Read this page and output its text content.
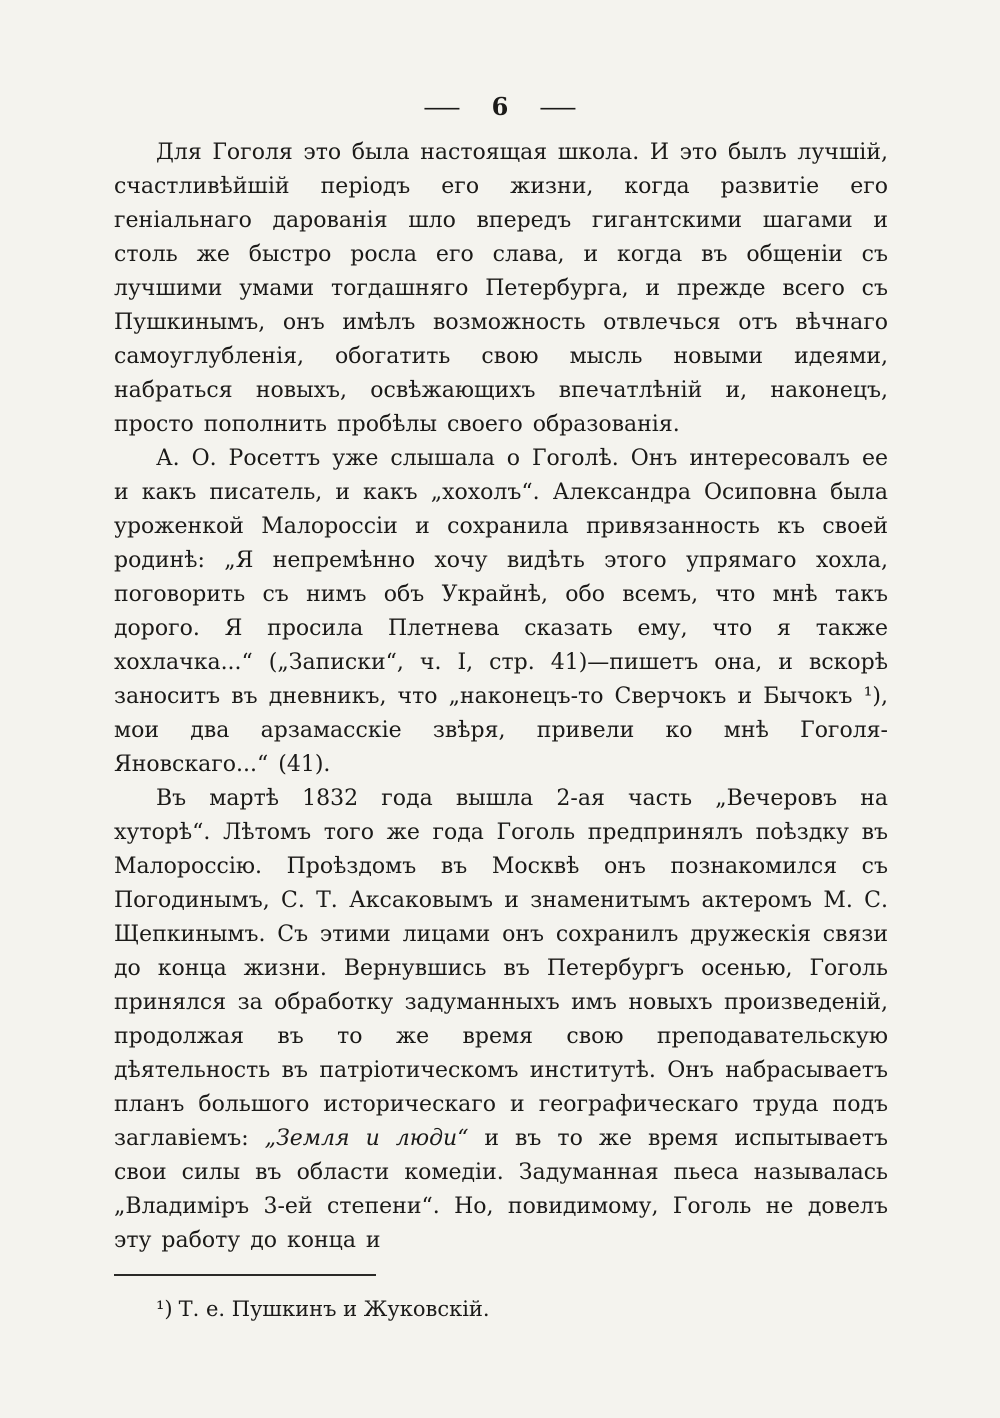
— 6 —

Для Гоголя это была настоящая школа. И это былъ лучшій, счастливѣйшій періодъ его жизни, когда развитіе его геніальнаго дарованія шло впередъ гигантскими шагами и столь же быстро росла его слава, и когда въ общеніи съ лучшими умами тогдашняго Петербурга, и прежде всего съ Пушкинымъ, онъ имѣлъ возможность отвлечься отъ вѣчнаго самоуглубленія, обогатить свою мысль новыми идеями, набраться новыхъ, освѣжающихъ впечатлѣній и, наконецъ, просто пополнить пробѣлы своего образованія.

А. О. Росеттъ уже слышала о Гоголѣ. Онъ интересовалъ ее и какъ писатель, и какъ „хохолъ“. Александра Осиповна была уроженкой Малороссіи и сохранила привязанность къ своей родинѣ: „Я непремѣнно хочу видѣть этого упрямаго хохла, поговорить съ нимъ объ Украйнѣ, обо всемъ, что мнѣ такъ дорого. Я просила Плетнева сказать ему, что я также хохлачка...“ („Записки“, ч. I, стр. 41)—пишетъ она, и вскорѣ заноситъ въ дневникъ, что „наконецъ-то Сверчокъ и Бычокъ ¹), мои два арзамасскіе звѣря, привели ко мнѣ Гоголя-Яновскаго...“ (41).

Въ мартѣ 1832 года вышла 2-ая часть „Вечеровъ на хуторѣ“. Лѣтомъ того же года Гоголь предпринялъ поѣздку въ Малороссію. Проѣздомъ въ Москвѣ онъ познакомился съ Погодинымъ, С. Т. Аксаковымъ и знаменитымъ актеромъ М. С. Щепкинымъ. Съ этими лицами онъ сохранилъ дружескія связи до конца жизни. Вернувшись въ Петербургъ осенью, Гоголь принялся за обработку задуманныхъ имъ новыхъ произведеній, продолжая въ то же время свою преподавательскую дѣятельность въ патріотическомъ институтѣ. Онъ набрасываетъ планъ большого историческаго и географическаго труда подъ заглавіемъ: „Земля и люди“ и въ то же время испытываетъ свои силы въ области комедіи. Задуманная пьеса называлась „Владиміръ 3-ей степени“. Но, повидимому, Гоголь не довелъ эту работу до конца и

¹) Т. е. Пушкинъ и Жуковскій.
